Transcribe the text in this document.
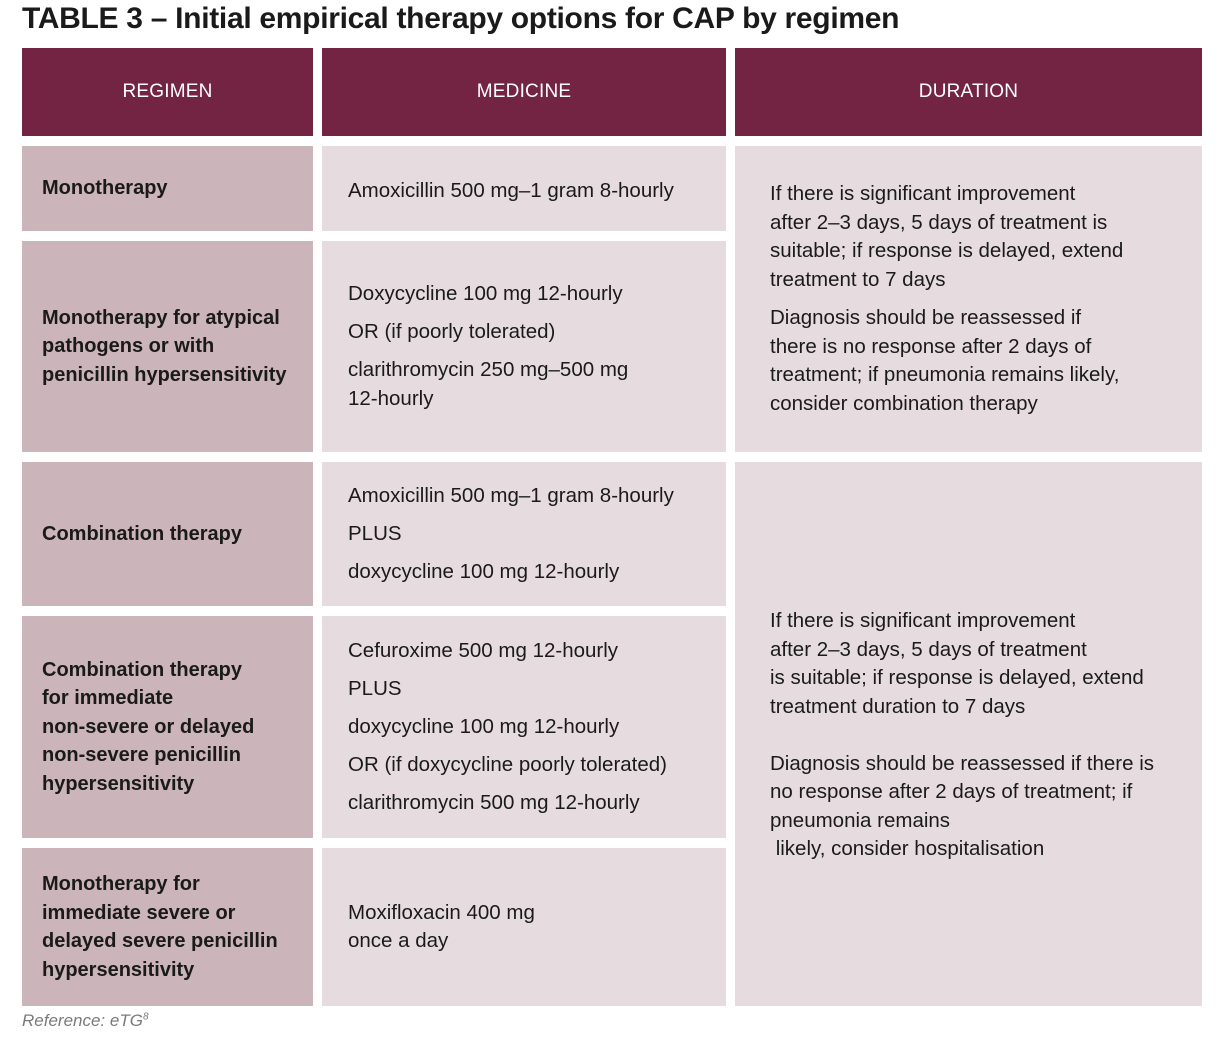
TABLE 3 – Initial empirical therapy options for CAP by regimen
REGIMEN	MEDICINE	DURATION
Monotherapy
Monotherapy for atypical
pathogens or with
penicillin hypersensitivity
Combination therapy
Combination therapy
for immediate
non-severe or delayed
non-severe penicillin
hypersensitivity
Monotherapy for
immediate severe or
delayed severe penicillin
hypersensitivity
Amoxicillin 500 mg–1 gram 8-hourly
Doxycycline 100 mg 12-hourly
OR (if poorly tolerated)
clarithromycin 250 mg–500 mg
12-hourly
Amoxicillin 500 mg–1 gram 8-hourly
PLUS
doxycycline 100 mg 12-hourly
Cefuroxime 500 mg 12-hourly
PLUS
doxycycline 100 mg 12-hourly
OR (if doxycycline poorly tolerated)
clarithromycin 500 mg 12-hourly
Moxifloxacin 400 mg
once a day
If there is significant improvement
after 2–3 days, 5 days of treatment is
suitable; if response is delayed, extend
treatment to 7 days
Diagnosis should be reassessed if
there is no response after 2 days of
treatment; if pneumonia remains likely,
consider combination therapy
If there is significant improvement
after 2–3 days, 5 days of treatment
is suitable; if response is delayed, extend
treatment duration to 7 days
Diagnosis should be reassessed if there is
no response after 2 days of treatment; if
pneumonia remains
likely, consider hospitalisation
Reference: eTG$^8$
